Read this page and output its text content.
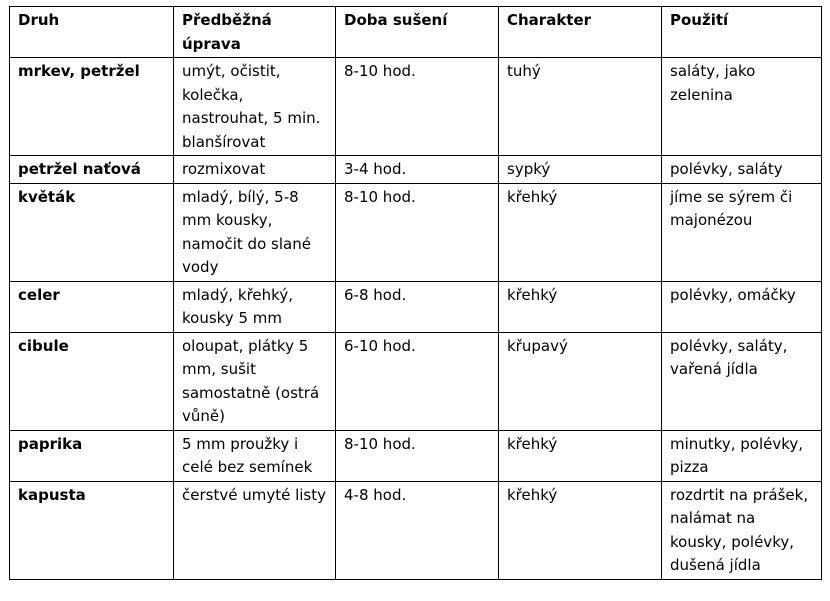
Druh	Předběžná úprava	Doba sušení	Charakter	Použití
mrkev, petržel	umýt, očistit, kolečka, nastrouhat, 5 min. blanšírovat	8-10 hod.	tuhý	saláty, jako zelenina
petržel naťová	rozmixovat	3-4 hod.	sypký	polévky, saláty
květák	mladý, bílý, 5-8 mm kousky, namočit do slané vody	8-10 hod.	křehký	jíme se sýrem či majonézou
celer	mladý, křehký, kousky 5 mm	6-8 hod.	křehký	polévky, omáčky
cibule	oloupat, plátky 5 mm, sušit samostatně (ostrá vůně)	6-10 hod.	křupavý	polévky, saláty, vařená jídla
paprika	5 mm proužky i celé bez semínek	8-10 hod.	křehký	minutky, polévky, pizza
kapusta	čerstvé umyté listy	4-8 hod.	křehký	rozdrtit na prášek, nalámat na kousky, polévky, dušená jídla
